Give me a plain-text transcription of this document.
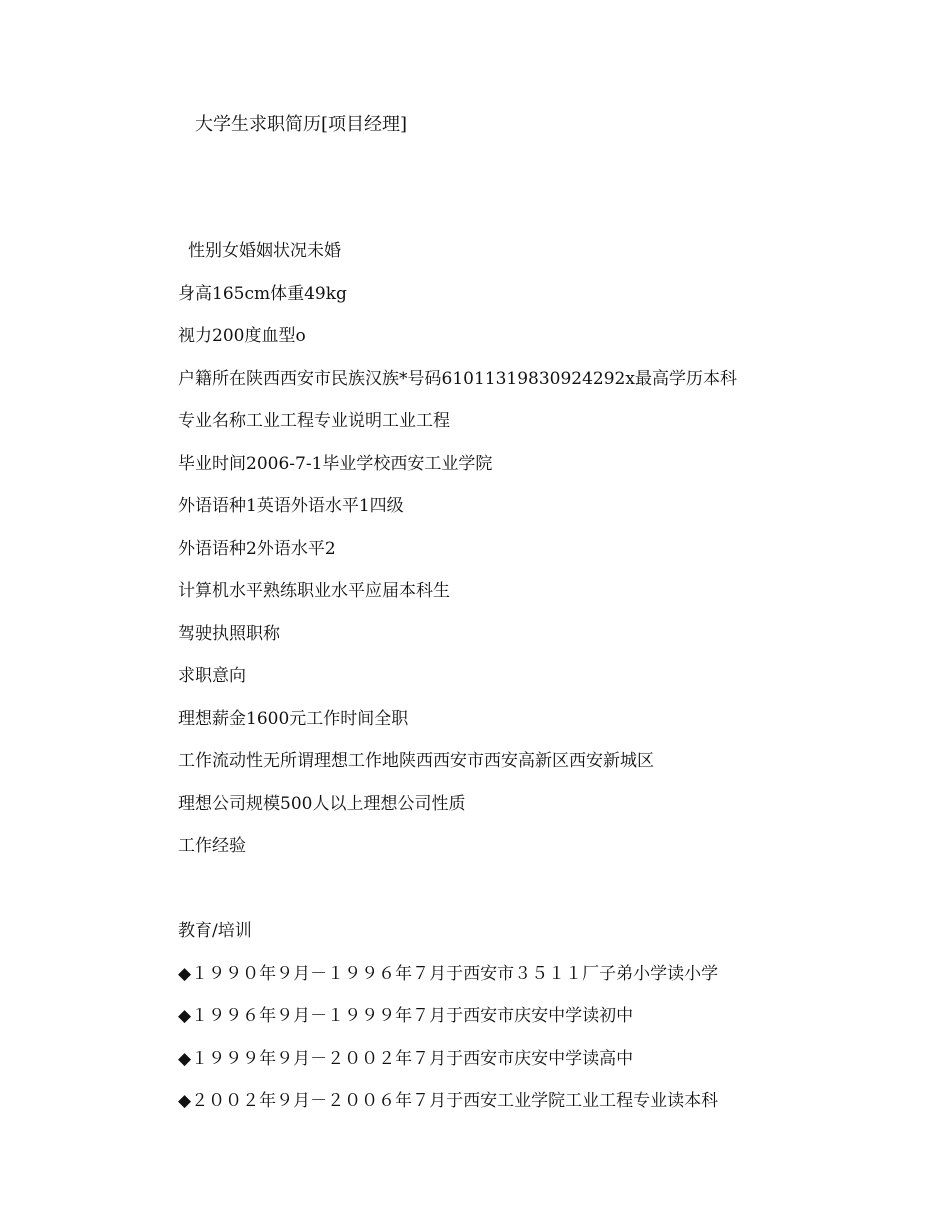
大学生求职简历[项目经理]
性别女婚姻状况未婚
身高165cm体重49kg
视力200度血型o
户籍所在陕西西安市民族汉族*号码61011319830924292x最高学历本科
专业名称工业工程专业说明工业工程
毕业时间2006-7-1毕业学校西安工业学院
外语语种1英语外语水平1四级
外语语种2外语水平2
计算机水平熟练职业水平应届本科生
驾驶执照职称
求职意向
理想薪金1600元工作时间全职
工作流动性无所谓理想工作地陕西西安市西安高新区西安新城区
理想公司规模500人以上理想公司性质
工作经验
教育/培训
◆１９９０年９月－１９９６年７月于西安市３５１１厂子弟小学读小学
◆１９９６年９月－１９９９年７月于西安市庆安中学读初中
◆１９９９年９月－２００２年７月于西安市庆安中学读高中
◆２００２年９月－２００６年７月于西安工业学院工业工程专业读本科
